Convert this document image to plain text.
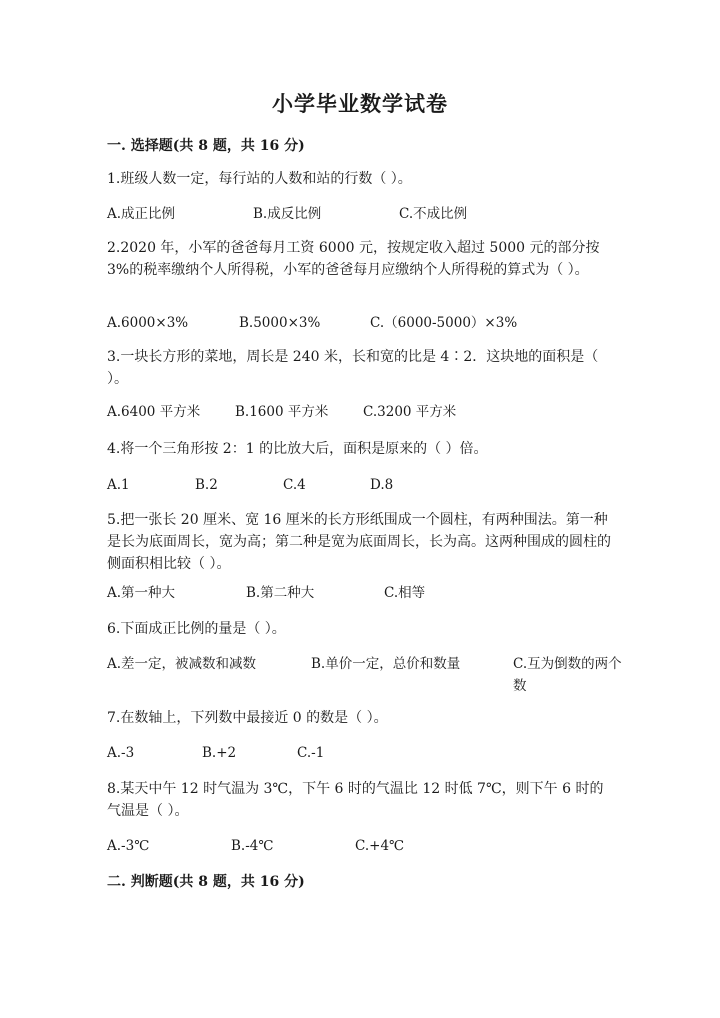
小学毕业数学试卷
一. 选择题(共 8 题，共 16 分)
1.班级人数一定，每行站的人数和站的行数（ ）。
A.成正比例	B.成反比例	C.不成比例
2.2020 年，小军的爸爸每月工资 6000 元，按规定收入超过 5000 元的部分按 3%的税率缴纳个人所得税，小军的爸爸每月应缴纳个人所得税的算式为（ ）。
A.6000×3%	B.5000×3%	C.（6000-5000）×3%
3.一块长方形的菜地，周长是 240 米，长和宽的比是 4∶2．这块地的面积是（ ）。
A.6400 平方米	B.1600 平方米	C.3200 平方米
4.将一个三角形按 2：1 的比放大后，面积是原来的（ ）倍。
A.1	B.2	C.4	D.8
5.把一张长 20 厘米、宽 16 厘米的长方形纸围成一个圆柱，有两种围法。第一种是长为底面周长，宽为高；第二种是宽为底面周长，长为高。这两种围成的圆柱的侧面积相比较（ ）。
A.第一种大	B.第二种大	C.相等
6.下面成正比例的量是（ ）。
A.差一定，被减数和减数	B.单价一定，总价和数量	C.互为倒数的两个数
7.在数轴上，下列数中最接近 0 的数是（ ）。
A.-3	B.+2	C.-1
8.某天中午 12 时气温为 3℃，下午 6 时的气温比 12 时低 7℃，则下午 6 时的气温是（ ）。
A.-3℃	B.-4℃	C.+4℃
二. 判断题(共 8 题，共 16 分)
